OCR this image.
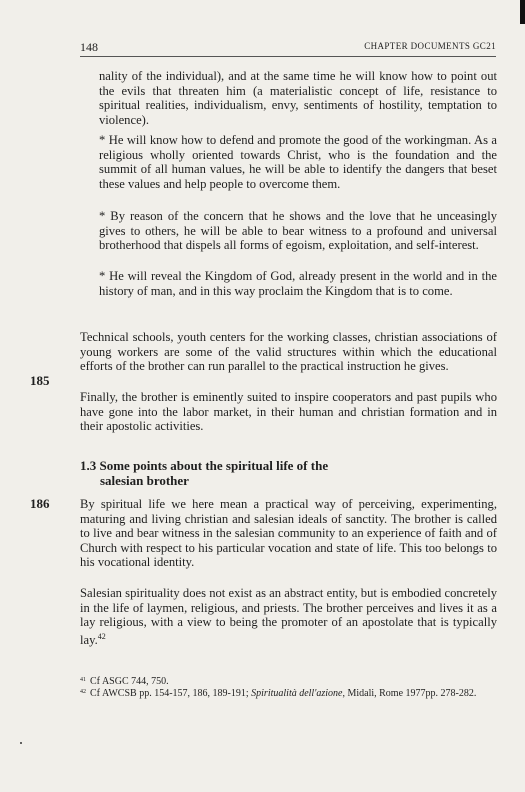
148	CHAPTER DOCUMENTS GC21

nality of the individual), and at the same time he will know how to point out the evils that threaten him (a materialistic concept of life, resistance to spiritual realities, individualism, envy, sentiments of hostility, temptation to violence).

* He will know how to defend and promote the good of the workingman. As a religious wholly oriented towards Christ, who is the foundation and the summit of all human values, he will be able to identify the dangers that beset these values and help people to overcome them.

* By reason of the concern that he shows and the love that he unceasingly gives to others, he will be able to bear witness to a profound and universal brotherhood that dispels all forms of egoism, exploitation, and self-interest.

* He will reveal the Kingdom of God, already present in the world and in the history of man, and in this way proclaim the Kingdom that is to come.

Technical schools, youth centers for the working classes, christian associations of young workers are some of the valid structures within which the educational efforts of the brother can run parallel to the practical instruction he gives.

185

Finally, the brother is eminently suited to inspire cooperators and past pupils who have gone into the labor market, in their human and christian formation and in their apostolic activities.

1.3 Some points about the spiritual life of the
salesian brother
186 By spiritual life we here mean a practical way of perceiving, experimenting, maturing and living christian and salesian ideals of sanctity. The brother is called to live and bear witness in the salesian community to an experience of faith and of Church with respect to his particular vocation and state of life. This too belongs to his vocational identity.

Salesian spirituality does not exist as an abstract entity, but is embodied concretely in the life of laymen, religious, and priests. The brother perceives and lives it as a lay religious, with a view to being the promoter of an apostolate that is typically lay.$^{42}$

41 Cf ASGC 744, 750.

42 Cf AWCSB pp. 154-157, 186, 189-191; Spiritualità dell'azione, Midali, Rome 1977pp. 278-282.
